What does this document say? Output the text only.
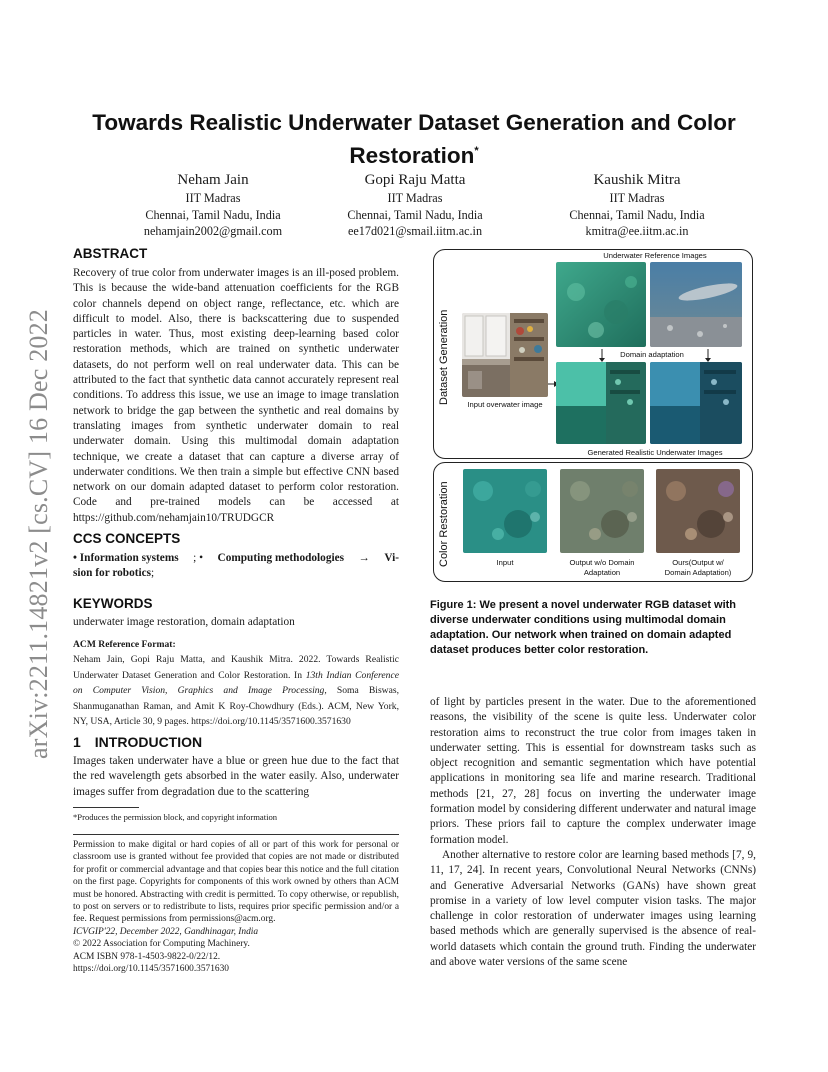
arXiv:2211.14821v2 [cs.CV] 16 Dec 2022
Towards Realistic Underwater Dataset Generation and Color Restoration*
Neham Jain
IIT Madras
Chennai, Tamil Nadu, India
nehamjain2002@gmail.com
Gopi Raju Matta
IIT Madras
Chennai, Tamil Nadu, India
ee17d021@smail.iitm.ac.in
Kaushik Mitra
IIT Madras
Chennai, Tamil Nadu, India
kmitra@ee.iitm.ac.in
ABSTRACT
Recovery of true color from underwater images is an ill-posed problem. This is because the wide-band attenuation coefficients for the RGB color channels depend on object range, reflectance, etc. which are difficult to model. Also, there is backscattering due to suspended particles in water. Thus, most existing deep-learning based color restoration methods, which are trained on synthetic underwater datasets, do not perform well on real underwater data. This can be attributed to the fact that synthetic data cannot accurately represent real conditions. To address this issue, we use an image to image translation network to bridge the gap between the synthetic and real domains by translating images from synthetic underwater domain to real underwater domain. Using this multimodal domain adaptation technique, we create a dataset that can capture a diverse array of underwater conditions. We then train a simple but effective CNN based network on our domain adapted dataset to perform color restoration. Code and pre-trained models can be accessed at https://github.com/nehamjain10/TRUDGCR
CCS CONCEPTS
• Information systems ; • Computing methodologies → Vi-
sion for robotics;
KEYWORDS
underwater image restoration, domain adaptation
ACM Reference Format:
Neham Jain, Gopi Raju Matta, and Kaushik Mitra. 2022. Towards Realistic Underwater Dataset Generation and Color Restoration. In 13th Indian Conference on Computer Vision, Graphics and Image Processing, Soma Biswas, Shanmuganathan Raman, and Amit K Roy-Chowdhury (Eds.). ACM, New York, NY, USA, Article 30, 9 pages. https://doi.org/10.1145/3571600.3571630
1 INTRODUCTION
Images taken underwater have a blue or green hue due to the fact that the red wavelength gets absorbed in the water easily. Also, underwater images suffer from degradation due to the scattering
*Produces the permission block, and copyright information
Permission to make digital or hard copies of all or part of this work for personal or classroom use is granted without fee provided that copies are not made or distributed for profit or commercial advantage and that copies bear this notice and the full citation on the first page. Copyrights for components of this work owned by others than ACM must be honored. Abstracting with credit is permitted. To copy otherwise, or republish, to post on servers or to redistribute to lists, requires prior specific permission and/or a fee. Request permissions from permissions@acm.org.
ICVGIP'22, December 2022, Gandhinagar, India
© 2022 Association for Computing Machinery.
ACM ISBN 978-1-4503-9822-0/22/12.
https://doi.org/10.1145/3571600.3571630
Dataset Generation
Underwater Reference Images
Input overwater image
Domain adaptation
Generated Realistic Underwater Images
Color Restoration	Input	Output w/o Domain
Adaptation
Ours(Output w/
Domain Adaptation)
Figure 1: We present a novel underwater RGB dataset with diverse underwater conditions using multimodal domain adaptation. Our network when trained on domain adapted dataset produces better color restoration.
of light by particles present in the water. Due to the aforementioned reasons, the visibility of the scene is quite less. Underwater color restoration aims to reconstruct the true color from images taken in underwater setting. This is essential for downstream tasks such as object recognition and semantic segmentation which have potential applications in monitoring sea life and marine research. Traditional methods [21, 27, 28] focus on inverting the underwater image formation model by considering different underwater and natural image priors. These priors fail to capture the complex underwater image formation model.
Another alternative to restore color are learning based methods [7, 9, 11, 17, 24]. In recent years, Convolutional Neural Networks (CNNs) and Generative Adversarial Networks (GANs) have shown great promise in a variety of low level computer vision tasks. The major challenge in color restoration of underwater images using learning based methods which are generally supervised is the absence of real-world datasets which contain the ground truth. Finding the underwater and above water versions of the same scene
